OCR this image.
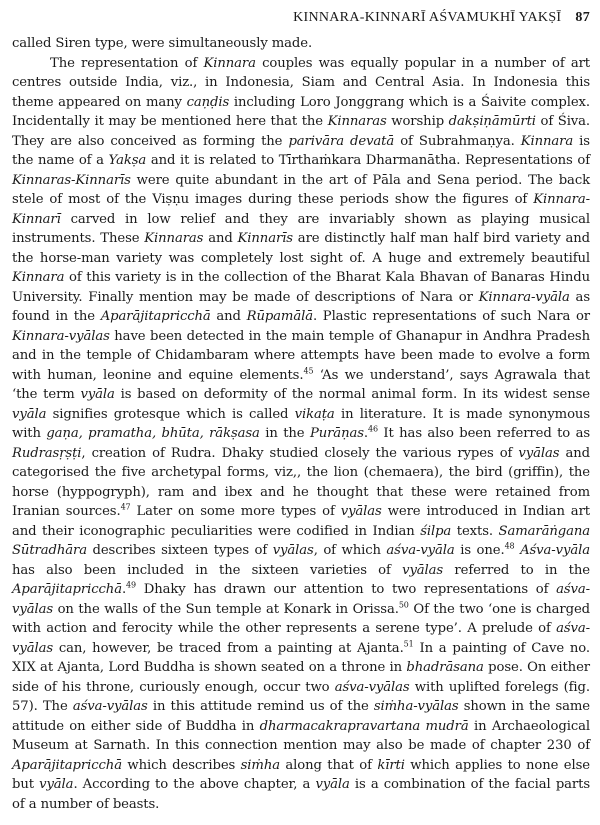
KINNARA-KINNARĪ AŚVAMUKHĪ YAKṢĪ 87

called Siren type, were simultaneously made.

The representation of Kinnara couples was equally popular in a number of art centres outside India, viz., in Indonesia, Siam and Central Asia. In Indonesia this theme appeared on many caṇḍis including Loro Jonggrang which is a Śaivite complex. Incidentally it may be mentioned here that the Kinnaras worship dakṣiṇāmūrti of Śiva. They are also conceived as forming the parivāra devatā of Subrahmaṇya. Kinnara is the name of a Yakṣa and it is related to Tīrthaṁkara Dharmanātha. Representations of Kinnaras-Kinnarīs were quite abundant in the art of Pāla and Sena period. The back stele of most of the Viṣṇu images during these periods show the figures of Kinnara-Kinnarī carved in low relief and they are invariably shown as playing musical instruments. These Kinnaras and Kinnarīs are distinctly half man half bird variety and the horse-man variety was completely lost sight of. A huge and extremely beautiful Kinnara of this variety is in the collection of the Bharat Kala Bhavan of Banaras Hindu University. Finally mention may be made of descriptions of Nara or Kinnara-vyāla as found in the Aparājitapricchā and Rūpamālā. Plastic representations of such Nara or Kinnara-vyālas have been detected in the main temple of Ghanapur in Andhra Pradesh and in the temple of Chidambaram where attempts have been made to evolve a form with human, leonine and equine elements.$^{45}$ ‘As we understand’, says Agrawala that ‘the term vyāla is based on deformity of the normal animal form. In its widest sense vyāla signifies grotesque which is called vikaṭa in literature. It is made synonymous with gaṇa, pramatha, bhūta, rākṣasa in the Purāṇas.$^{46}$ It has also been referred to as Rudrasṛṣṭi, creation of Rudra. Dhaky studied closely the various rypes of vyālas and categorised the five archetypal forms, viz,, the lion (chemaera), the bird (griffin), the horse (hyppogryph), ram and ibex and he thought that these were retained from Iranian sources.$^{47}$ Later on some more types of vyālas were introduced in Indian art and their iconographic peculiarities were codified in Indian śilpa texts. Samarāṅgana Sūtradhāra describes sixteen types of vyālas, of which aśva-vyāla is one.$^{48}$ Aśva-vyāla has also been included in the sixteen varieties of vyālas referred to in the Aparājitapricchā.$^{49}$ Dhaky has drawn our attention to two representations of aśva-vyālas on the walls of the Sun temple at Konark in Orissa.$^{50}$ Of the two ‘one is charged with action and ferocity while the other represents a serene type’. A prelude of aśva-vyālas can, however, be traced from a painting at Ajanta.$^{51}$ In a painting of Cave no. XIX at Ajanta, Lord Buddha is shown seated on a throne in bhadrāsana pose. On either side of his throne, curiously enough, occur two aśva-vyālas with uplifted forelegs (fig. 57). The aśva-vyālas in this attitude remind us of the siṁha-vyālas shown in the same attitude on either side of Buddha in dharmacakrapravartana mudrā in Archaeological Museum at Sarnath. In this connection mention may also be made of chapter 230 of Aparājitapricchā which describes siṁha along that of kīrti which applies to none else but vyāla. According to the above chapter, a vyāla is a combination of the facial parts of a number of beasts.
